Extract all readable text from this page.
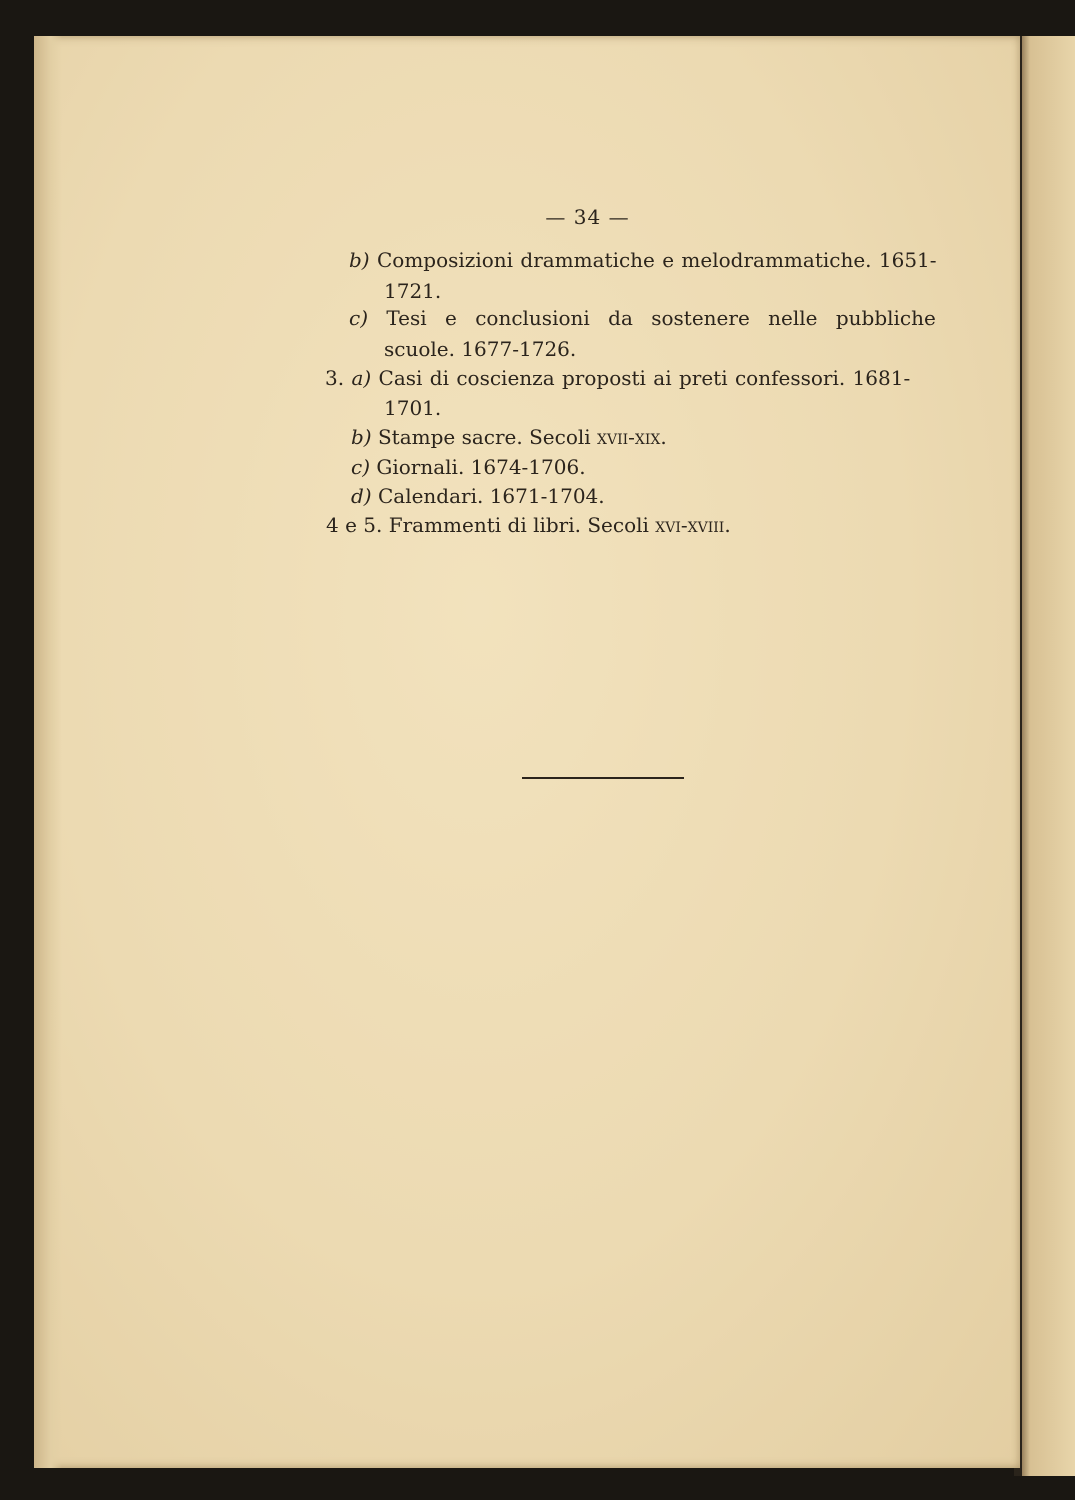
— 34 —
b) Composizioni drammatiche e melodrammatiche. 1651-
1721.
c) Tesi e conclusioni da sostenere nelle pubbliche
scuole. 1677-1726.
3. a) Casi di coscienza proposti ai preti confessori. 1681-
1701.
b) Stampe sacre. Secoli xvii-xix.
c) Giornali. 1674-1706.
d) Calendari. 1671-1704.
4 e 5. Frammenti di libri. Secoli xvi-xviii.
